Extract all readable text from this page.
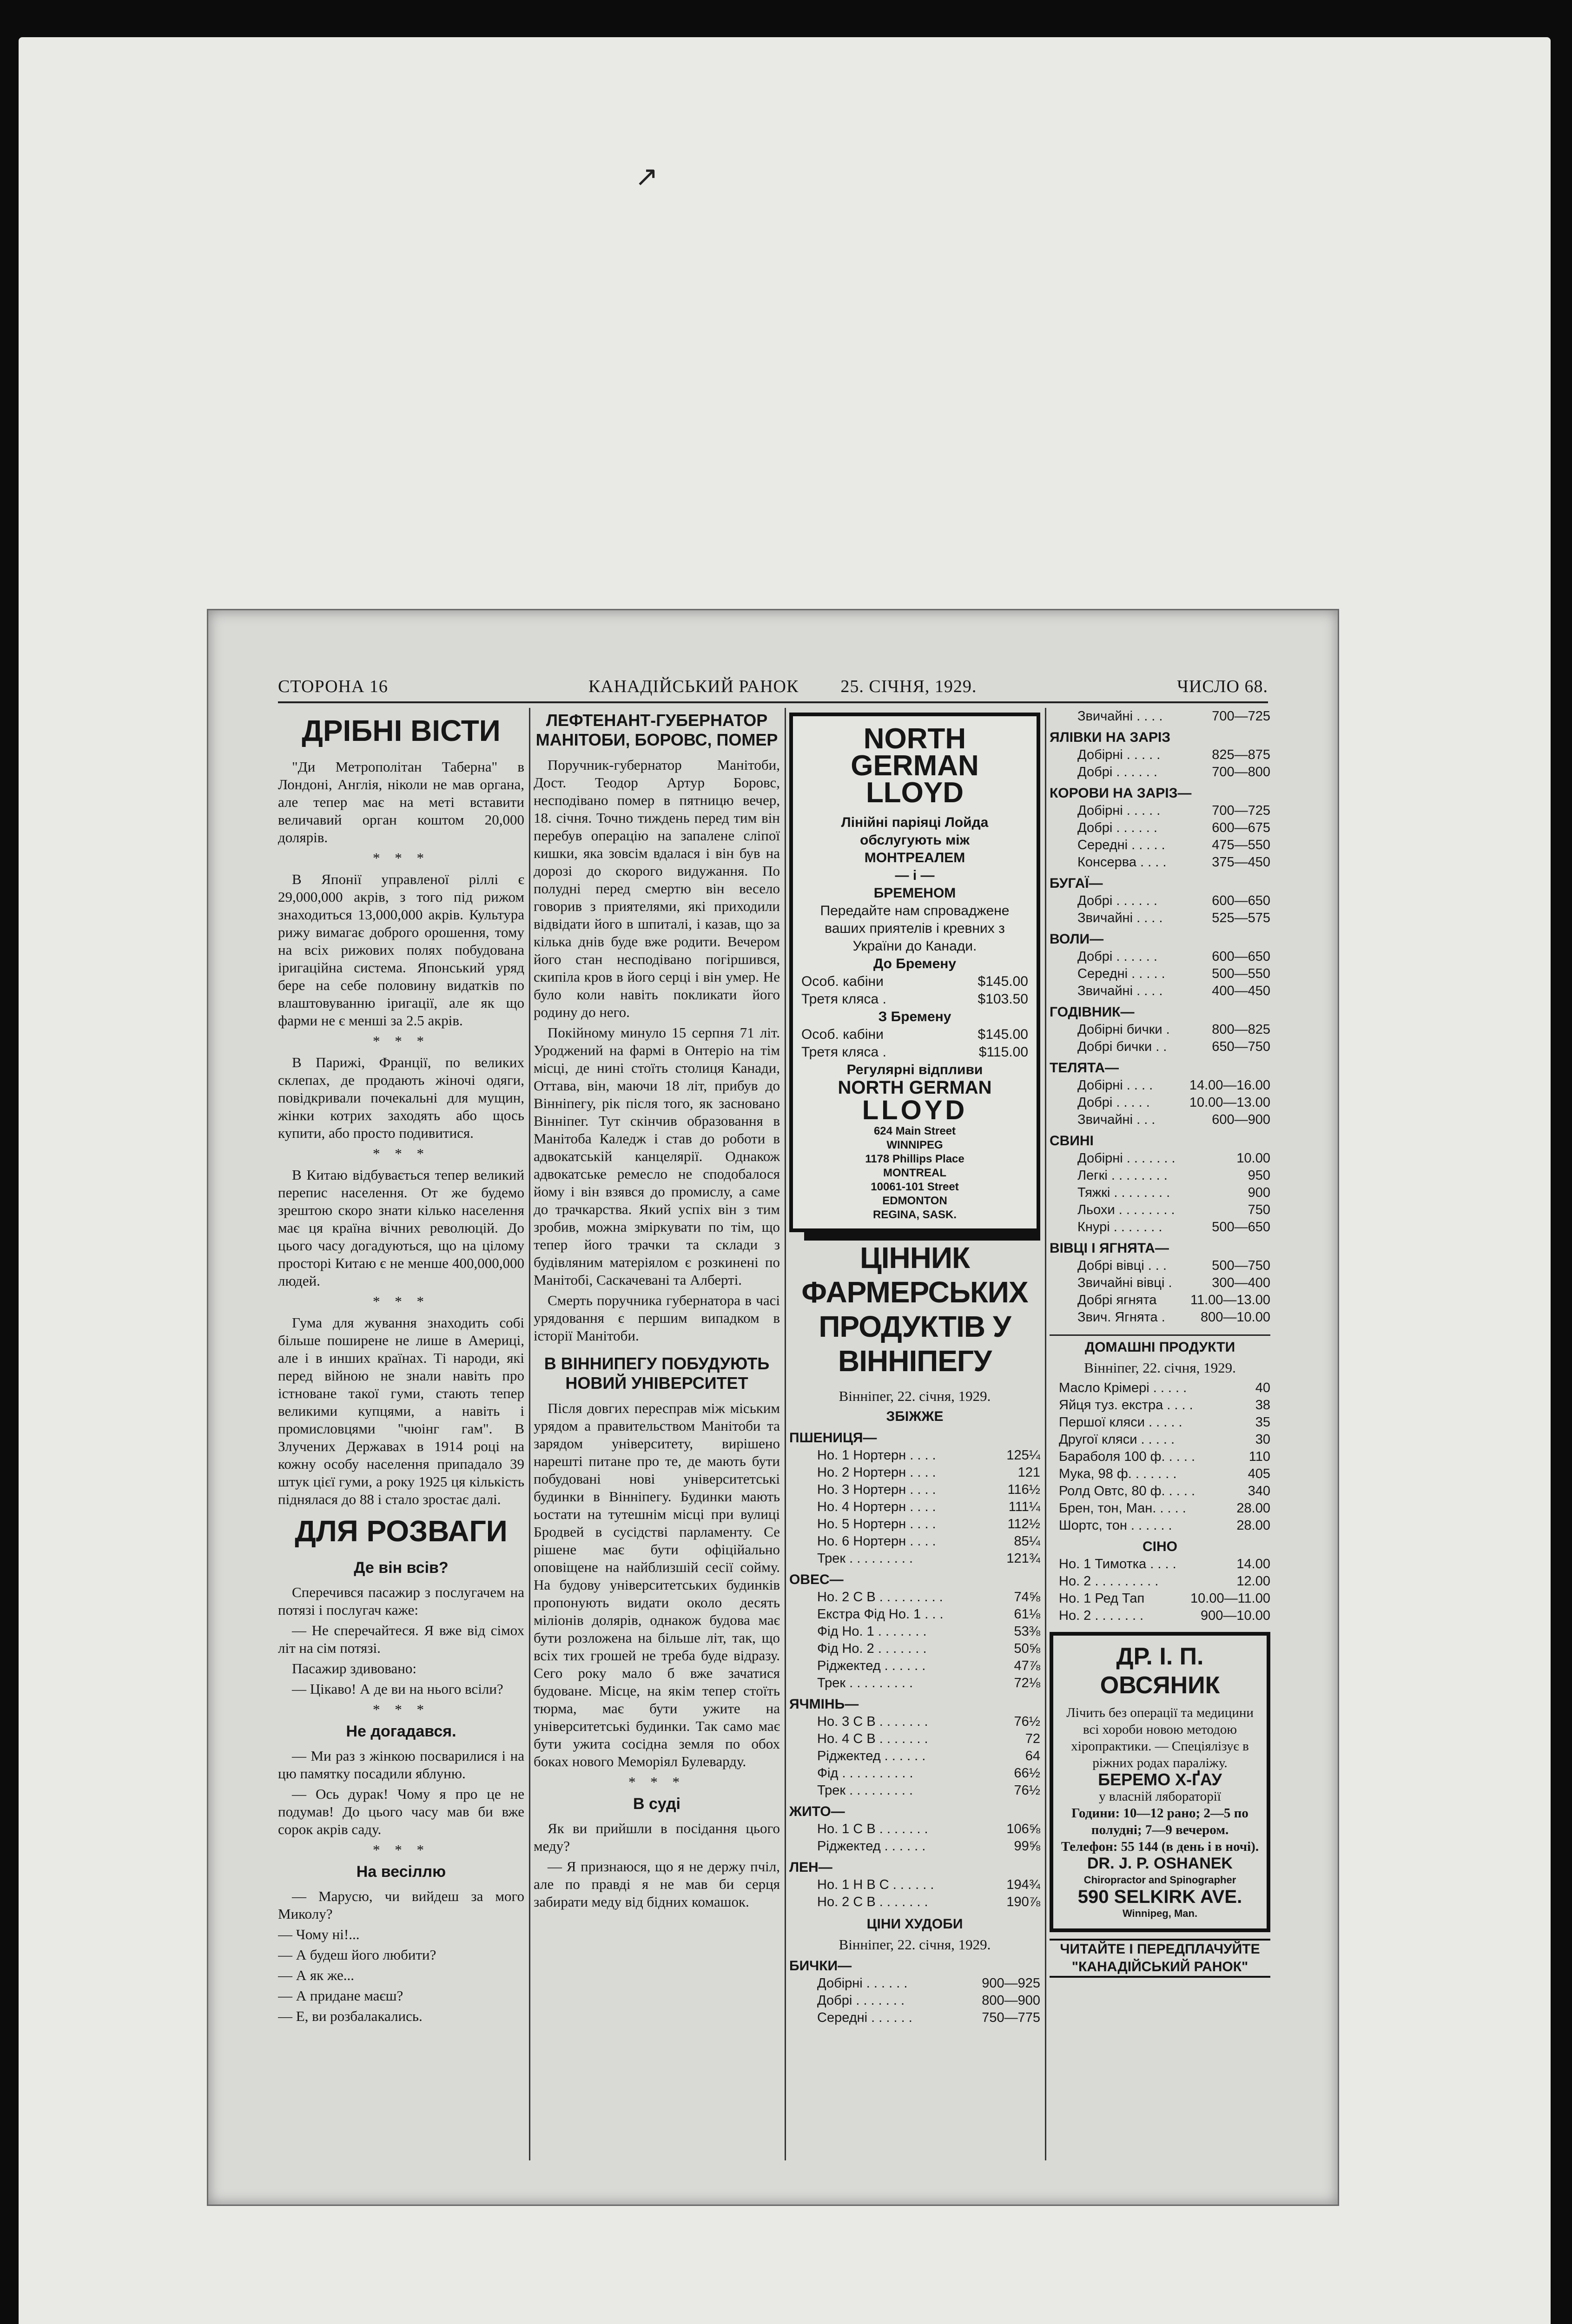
↗
СТОРОНА 16	КАНАДІЙСЬКИЙ РАНОК 25. СІЧНЯ, 1929.	ЧИСЛО 68.
ДРІБНІ ВІСТИ

"Ди Метрополітан Таберна" в Лондоні, Англія, ніколи не мав органа, але тепер має на меті вставити величавий орган коштом 20,000 долярів.

* * *

В Японії управленої ріллі є 29,000,000 акрів, з того під рижом знаходиться 13,000,000 акрів. Культура рижу вимагає доброго орошення, тому на всіх рижових полях побудована іригаційна система. Японський уряд бере на себе половину видатків по влаштовуванню іригації, але як що фарми не є менші за 2.5 акрів.

* * *

В Парижі, Франції, по великих склепах, де продають жіночі одяги, повідкривали почекальні для мущин, жінки котрих заходять або щось купити, або просто подивитися.

* * *

В Китаю відбувається тепер великий перепис населення. От же будемо зрештою скоро знати кілько населення має ця країна вічних революцій. До цього часу догадуються, що на цілому просторі Китаю є не менше 400,000,000 людей.

* * *

Гума для жування знаходить собі більше поширене не лише в Америці, але і в инших країнах. Ті народи, які перед війною не знали навіть про істноване такої гуми, стають тепер великими купцями, а навіть і промисловцями "чюінг гам". В Злучених Державах в 1914 році на кожну особу населення припадало 39 штук цієї гуми, а року 1925 ця кількість піднялася до 88 і сталo зростає далі.

ДЛЯ РОЗВАГИ
Де він всів?

Сперечився пасажир з послугачем на потязі і послугач каже:

— Не сперечайтеся. Я вже від сімох літ на сім потязі.

Пасажир здивовано:

— Цікаво! А де ви на нього всіли?

* * *
Не догадався.

— Ми раз з жінкою посварилися і на цю памятку посадили яблуню.

— Ось дурак! Чому я про це не подумав! До цього часу мав би вже сорок акрів саду.

* * *
На весіллю

— Марусю, чи вийдеш за мого Миколу?

— Чому ні!...

— А будеш його любити?

— А як же...

— А придане маєш?

— Е, ви розбалакались.

ЛЕФТЕНАНТ-ГУБЕРНАТОР МАНІТОБИ, БОРОВС, ПОМЕР

Поручник-губернатор Манітоби, Дост. Теодор Артур Боровс, несподівано помер в пятницю вечер, 18. січня. Точно тиждень перед тим він перебув операцію на запалене сліпої кишки, яка зовсім вдалася і він був на дорозі до скорого видужання. По полудні перед смертю він весело говорив з приятелями, які приходили відвідати його в шпиталі, і казав, що за кілька днів буде вже родити. Вечером його стан несподівано погіршився, скипіла кров в його серці і він умер. Не було коли навіть покликати його родину до него.

Покійному минуло 15 серпня 71 літ. Уроджений на фармі в Онтеріо на тім місці, де нині стоїть столиця Канади, Оттава, він, маючи 18 літ, прибув до Вінніпегу, рік після того, як засновано Вінніпег. Тут скінчив образовання в Манітоба Каледж і став до роботи в адвокатській канцелярії. Однакож адвокатське ремесло не сподобалося йому і він взявся до промислу, а саме до трачкарства. Який успіх він з тим зробив, можна зміркувати по тім, що тепер його трачки та склади з будівляним матеріялом є розкинені по Манітобі, Саскачевані та Алберті.

Смерть поручника губернатора в часі урядовання є першим випадком в історії Манітоби.

В ВІННИПЕГУ ПОБУДУЮТЬ НОВИЙ УНІВЕРСИТЕТ

Після довгих пересправ між міським урядом а правительством Манітоби та зарядом університету, вирішено нарешті питане про те, де мають бути побудовані нові університетські будинки в Вінніпегу. Будинки мають ьостати на тутешнім місці при вулиці Бродвей в сусідстві парламенту. Се рішене має бути офіційально оповіщене на найблизшій сесії сойму. На будову університетських будинків пропонують видати около десять міліонів долярів, однакож будова має бути розложена на більше літ, так, що всіх тих грошей не треба буде відразу. Сего року мало б вже зачатися будоване. Місце, на якім тепер стоїть тюрма, має бути ужите на університетські будинки. Так само має бути ужита сосідна земля по обох боках нового Меморіял Булеварду.

* * *
В суді

Як ви прийшли в посідання цього меду?

— Я признаюся, що я не держу пчіл, але по правді я не мав би серця забирати меду від бідних комашок.

NORTH
GERMAN
LLOYD
Лінійні паріяці Лойда обслугують між
МОНТРЕАЛЕМ
— і —
БРЕМЕНОМ
Передайте нам спроваджене ваших приятелів і кревних з України до Канади.
До Бремену
Особ. кабіни	$145.00
Третя кляса .	$103.50
З Бремену
Особ. кабіни	$145.00
Третя кляса .	$115.00
Регулярні відпливи
NORTH GERMAN
LLOYD
624 Main Street
WINNIPEG
1178 Phillips Place
MONTREAL
10061-101 Street
EDMONTON
REGINA, SASK.
ЦІННИК ФАРМЕРСЬКИХ ПРОДУКТІВ У ВІННІПЕГУ
Вінніпег, 22. січня, 1929.
ЗБІЖЖЕ
ПШЕНИЦЯ—
Но. 1 Нортерн . . . .	125¼
Но. 2 Нортерн . . . .	121
Но. 3 Нортерн . . . .	116½
Но. 4 Нортерн . . . .	111¼
Но. 5 Нортерн . . . .	112½
Но. 6 Нортерн . . . .	85¼
Трек . . . . . . . . .	121¾
ОВЕС—
Но. 2 С В . . . . . . . . .	74⅝
Екстра Фід Но. 1 . . .	61⅛
Фід Но. 1 . . . . . . .	53⅜
Фід Но. 2 . . . . . . .	50⅝
Ріджектед . . . . . .	47⅞
Трек . . . . . . . . .	72⅛
ЯЧМІНЬ—
Но. 3 С В . . . . . . .	76½
Но. 4 С В . . . . . . .	72
Ріджектед . . . . . .	64
Фід . . . . . . . . . .	66½
Трек . . . . . . . . .	76½
ЖИТО—
Но. 1 С В . . . . . . .	106⅝
Ріджектед . . . . . .	99⅝
ЛЕН—
Но. 1 Н В С . . . . . .	194¾
Но. 2 С В . . . . . . .	190⅞
ЦІНИ ХУДОБИ
Вінніпег, 22. січня, 1929.
БИЧКИ—
Добірні . . . . . .	900—925
Добрі . . . . . . .	800—900
Середні . . . . . .	750—775
Звичайні . . . .	700—725
ЯЛІВКИ НА ЗАРІЗ
Добірні . . . . .	825—875
Добрі . . . . . .	700—800
КОРОВИ НА ЗАРІЗ—
Добірні . . . . .	700—725
Добрі . . . . . .	600—675
Середні . . . . .	475—550
Консерва . . . .	375—450
БУГАЇ—
Добрі . . . . . .	600—650
Звичайні . . . .	525—575
ВОЛИ—
Добрі . . . . . .	600—650
Середні . . . . .	500—550
Звичайні . . . .	400—450
ГОДІВНИК—
Добірні бички .	800—825
Добрі бички . .	650—750
ТЕЛЯТА—
Добірні . . . .	14.00—16.00
Добрі . . . . .	10.00—13.00
Звичайні . . .	600—900
СВИНІ
Добірні . . . . . . .	10.00
Легкі . . . . . . . .	950
Тяжкі . . . . . . . .	900
Льохи . . . . . . . .	750
Кнурі . . . . . . .	500—650
ВІВЦІ І ЯГНЯТА—
Добрі вівці . . .	500—750
Звичайні вівці .	300—400
Добрі ягнята	11.00—13.00
Звич. Ягнята .	800—10.00
ДОМАШНІ ПРОДУКТИ
Вінніпег, 22. січня, 1929.
Масло Крімері . . . . .	40
Яйця туз. екстра . . . .	38
Першої кляси . . . . .	35
Другої кляси . . . . .	30
Бараболя 100 ф. . . . .	110
Мука, 98 ф. . . . . . .	405
Ролд Овтс, 80 ф. . . . .	340
Брен, тон, Ман. . . . .	28.00
Шортс, тон . . . . . .	28.00
СІНО
Но. 1 Тимотка . . . .	14.00
Но. 2 . . . . . . . . .	12.00
Но. 1 Ред Тап	10.00—11.00
Но. 2 . . . . . . .	900—10.00
ДР. І. П. ОВСЯНИК
Лічить без операції та медицини всі хороби новою методою хіропрактики. — Спеціялізує в ріжних родах параліжу.
БЕРЕМО Х-ҐАУ
у власній лябораторії
Години: 10—12 рано; 2—5 по полудні; 7—9 вечером.
Телефон: 55 144 (в день і в ночі).
DR. J. P. OSHANEK
Chiropractor and Spinographer
590 SELKIRK AVE.
Winnipeg, Man.
ЧИТАЙТЕ І ПЕРЕДПЛАЧУЙТЕ "КАНАДІЙСЬКИЙ РАНОК"
